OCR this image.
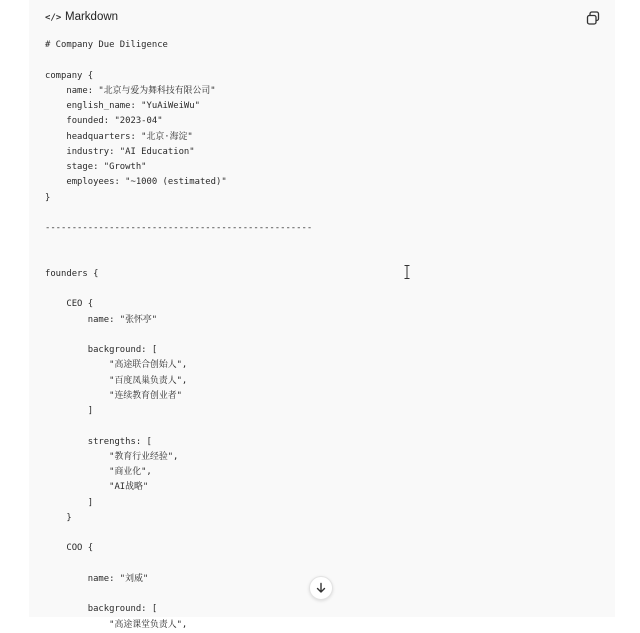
</> Markdown
# Company Due Diligence
company {
name: "北京与爱为舞科技有限公司"
english_name: "YuAiWeiWu"
founded: "2023-04"
headquarters: "北京·海淀"
industry: "AI Education"
stage: "Growth"
employees: "~1000 (estimated)"
}
--------------------------------------------------
founders {
CEO {
name: "张怀亭"
background: [
"高途联合创始人",
"百度凤巢负责人",
"连续教育创业者"
]
strengths: [
"教育行业经验",
"商业化",
"AI战略"
]
}
COO {
name: "刘威"
background: [
"高途课堂负责人",
